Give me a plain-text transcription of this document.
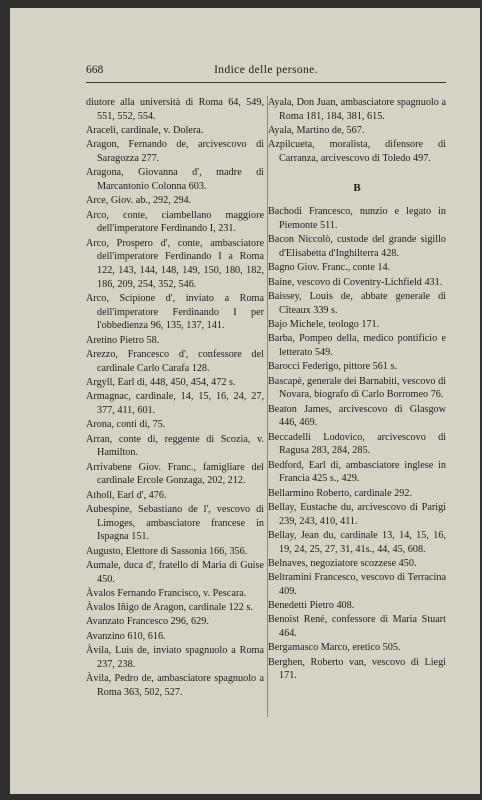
668	Indice delle persone.

diutore alla università di Roma 64, 549, 551, 552, 554.

Araceli, cardinale, v. Dolera.

Aragon, Fernando de, arcivescovo di Saragozza 277.

Aragona, Giovanna d', madre di Marcantonio Colonna 603.

Arce, Giov. ab., 292, 294.

Arco, conte, ciambellano maggiore dell'imperatore Ferdinando I, 231.

Arco, Prospero d', conte, ambasciatore dell'imperatore Ferdinando I a Roma 122, 143, 144, 148, 149, 150, 180, 182, 186, 209, 254, 352, 546.

Arco, Scipione d', inviato a Roma dell'imperatore Ferdinando I per l'obbedienza 96, 135, 137, 141.

Aretino Pietro 58.

Arezzo, Francesco d', confessore del cardinale Carlo Carafa 128.

Argyll, Earl di, 448, 450, 454, 472 s.

Armagnac, cardinale, 14, 15, 16, 24, 27, 377, 411, 601.

Arona, conti di, 75.

Arran, conte di, reggente di Scozia, v. Hamilton.

Arrivabene Giov. Franc., famigliare del cardinale Ercole Gonzaga, 202, 212.

Atholl, Earl d', 476.

Aubespine, Sebastiano de l', vescovo di Limoges, ambasciatore francese in Ispagna 151.

Augusto, Elettore di Sassonia 166, 356.

Aumale, duca d', fratello di Maria di Guise 450.

Àvalos Fernando Francisco, v. Pescara.

Àvalos Iñigo de Aragon, cardinale 122 s.

Avanzato Francesco 296, 629.

Avanzino 610, 616.

Àvila, Luis de, inviato spagnuolo a Roma 237, 238.

Àvila, Pedro de, ambasciatore spagnuolo a Roma 363, 502, 527.

Ayala, Don Juan, ambasciatore spagnuolo a Roma 181, 184, 381, 615.

Ayala, Martino de, 567.

Azpilcueta, moralista, difensore di Carranza, arcivescovo di Toledo 497.

B

Bachodi Francesco, nunzio e legato in Piemonte 511.

Bacon Niccolò, custode del grande sigillo d'Elisabetta d'Inghilterra 428.

Bagno Giov. Franc., conte 14.

Baine, vescovo di Coventry-Lichfield 431.

Baissey, Louis de, abbate generale di Cîteaux 339 s.

Bajo Michele, teologo 171.

Barba, Pompeo della, medico pontificio e letterato 549.

Barocci Federigo, pittore 561 s.

Bascapè, generale dei Barnabiti, vescovo di Novara, biografo di Carlo Borromeo 76.

Beaton James, arcivescovo di Glasgow 446, 469.

Beccadelli Lodovico, arcivescovo di Ragusa 283, 284, 285.

Bedford, Earl di, ambasciatore inglese in Francia 425 s., 429.

Bellarmino Roberto, cardinale 292.

Bellay, Eustache du, arcivescovo di Parigi 239, 243, 410, 411.

Bellay, Jean du, cardinale 13, 14, 15, 16, 19, 24, 25, 27, 31, 41s., 44, 45, 608.

Belnaves, negoziatore scozzese 450.

Beltramini Francesco, vescovo di Terracina 409.

Benedetti Pietro 408.

Benoist René, confessore di Maria Stuart 464.

Bergamasco Marco, eretico 505.

Berghen, Roberto van, vescovo di Liegi 171.
